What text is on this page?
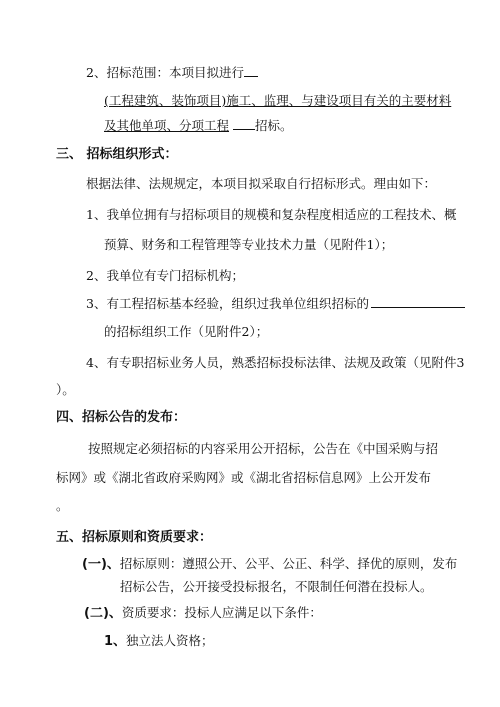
2、招标范围：本项目拟进行
(工程建筑、装饰项目)施工、监理、与建设项目有关的主要材料
及其他单项、分项工程 招标。
三、 招标组织形式：
根据法律、法规规定，本项目拟采取自行招标形式。理由如下：
1、我单位拥有与招标项目的规模和复杂程度相适应的工程技术、概
预算、财务和工程管理等专业技术力量（见附件1）；
2、我单位有专门招标机构；
3、有工程招标基本经验，组织过我单位组织招标的
的招标组织工作（见附件2）；
4、有专职招标业务人员，熟悉招标投标法律、法规及政策（见附件3
）。
四、招标公告的发布：
按照规定必须招标的内容采用公开招标，公告在《中国采购与招
标网》或《湖北省政府采购网》或《湖北省招标信息网》上公开发布
。
五、招标原则和资质要求：
(一)、招标原则：遵照公开、公平、公正、科学、择优的原则，发布
招标公告，公开接受投标报名，不限制任何潜在投标人。
(二)、资质要求：投标人应满足以下条件：
1、独立法人资格；
